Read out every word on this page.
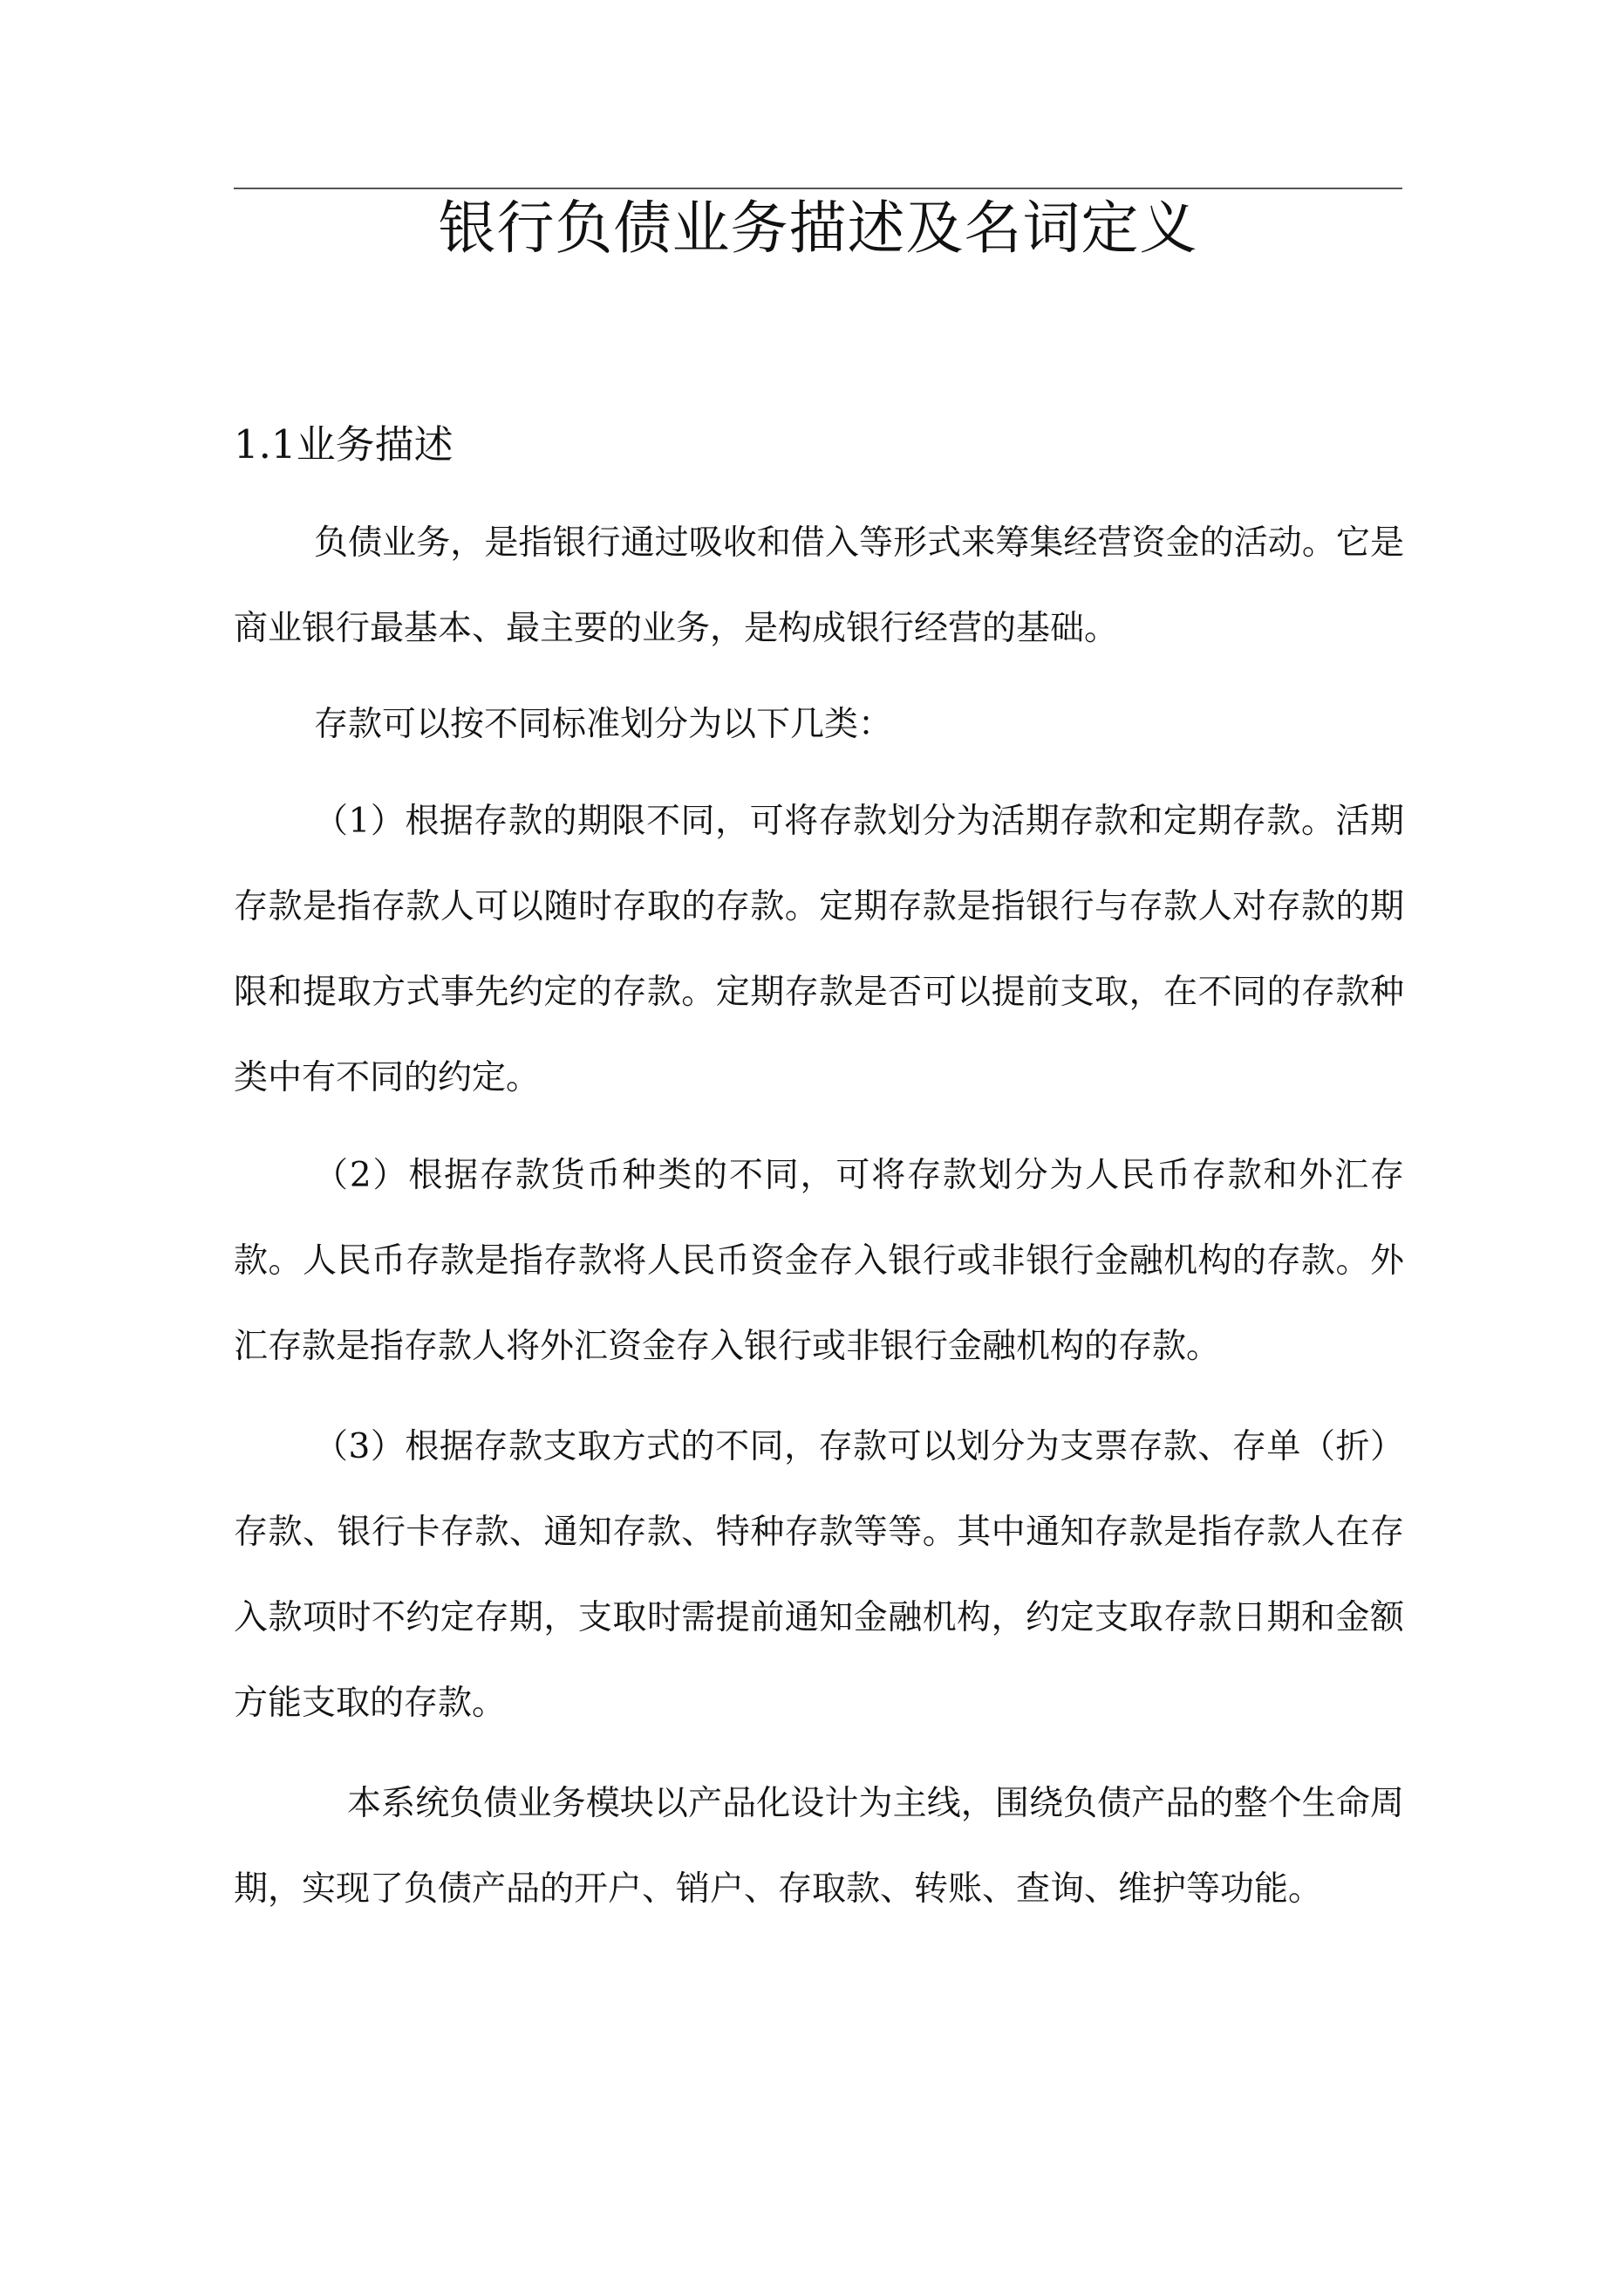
银行负债业务描述及名词定义
1.1业务描述

负债业务，是指银行通过吸收和借入等形式来筹集经营资金的活动。它是商业银行最基本、最主要的业务，是构成银行经营的基础。

存款可以按不同标准划分为以下几类：

（1）根据存款的期限不同，可将存款划分为活期存款和定期存款。活期存款是指存款人可以随时存取的存款。定期存款是指银行与存款人对存款的期限和提取方式事先约定的存款。定期存款是否可以提前支取，在不同的存款种类中有不同的约定。

（2）根据存款货币种类的不同，可将存款划分为人民币存款和外汇存款。人民币存款是指存款将人民币资金存入银行或非银行金融机构的存款。外汇存款是指存款人将外汇资金存入银行或非银行金融机构的存款。

（3）根据存款支取方式的不同，存款可以划分为支票存款、存单（折）存款、银行卡存款、通知存款、特种存款等等。其中通知存款是指存款人在存入款项时不约定存期，支取时需提前通知金融机构，约定支取存款日期和金额方能支取的存款。

本系统负债业务模块以产品化设计为主线，围绕负债产品的整个生命周期，实现了负债产品的开户、销户、存取款、转账、查询、维护等功能。
